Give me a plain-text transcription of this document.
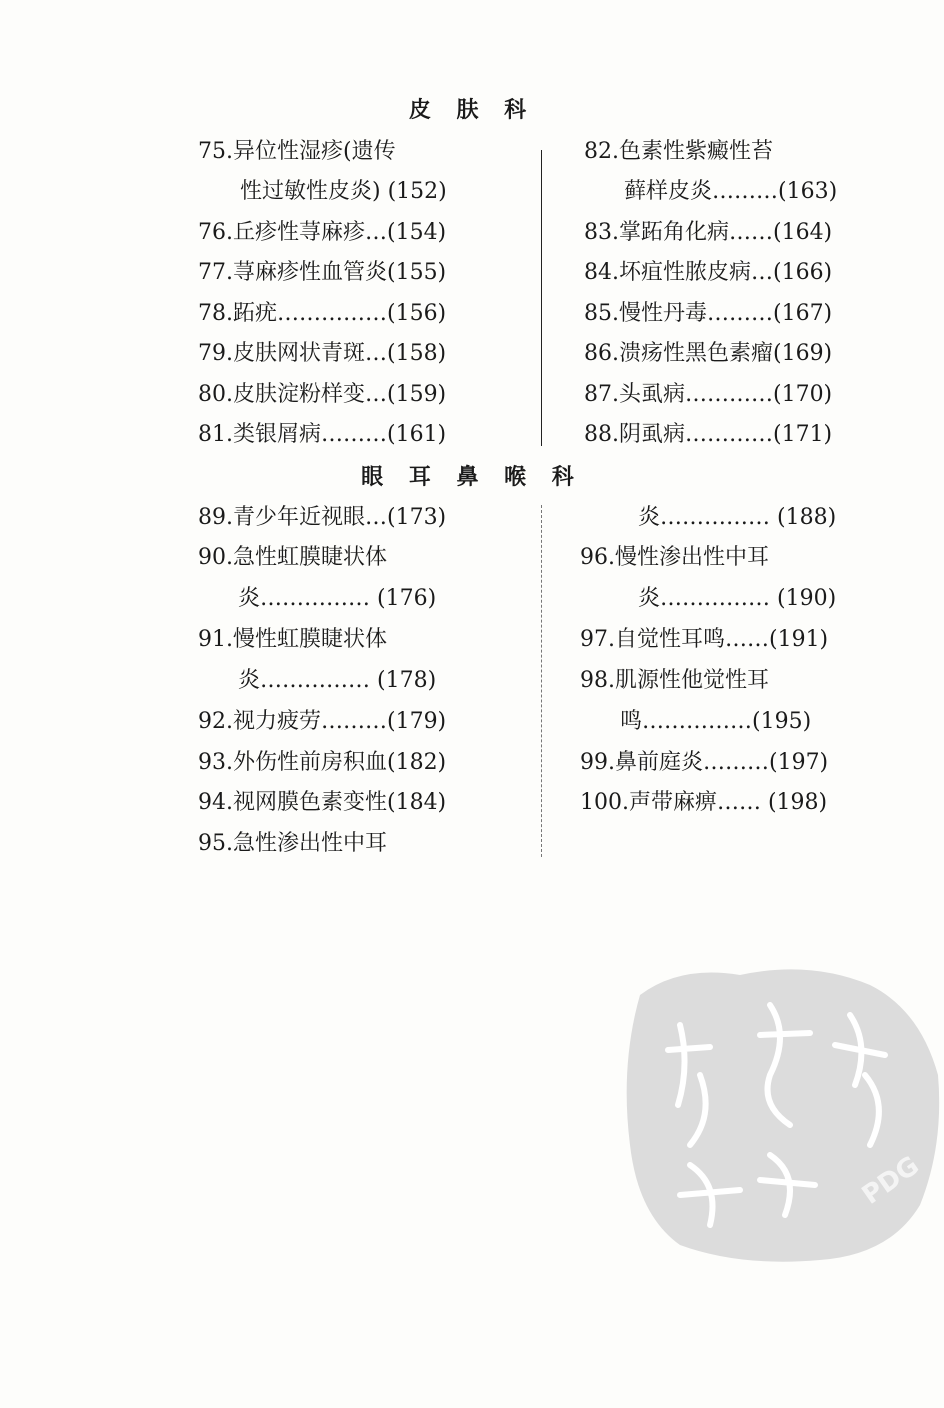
皮 肤 科
75.异位性湿疹(遗传
性过敏性皮炎) (152)
76.丘疹性荨麻疹…(154)
77.荨麻疹性血管炎(155)
78.跖疣……………(156)
79.皮肤网状青斑…(158)
80.皮肤淀粉样变…(159)
81.类银屑病………(161)
82.色素性紫癜性苔
藓样皮炎………(163)
83.掌跖角化病……(164)
84.坏疽性脓皮病…(166)
85.慢性丹毒………(167)
86.溃疡性黑色素瘤(169)
87.头虱病…………(170)
88.阴虱病…………(171)
眼 耳 鼻 喉 科
89.青少年近视眼…(173)
90.急性虹膜睫状体
炎…………… (176)
91.慢性虹膜睫状体
炎…………… (178)
92.视力疲劳………(179)
93.外伤性前房积血(182)
94.视网膜色素变性(184)
95.急性渗出性中耳
炎…………… (188)
96.慢性渗出性中耳
炎…………… (190)
97.自觉性耳鸣……(191)
98.肌源性他觉性耳
鸣……………(195)
99.鼻前庭炎………(197)
100.声带麻痹…… (198)
PDG
